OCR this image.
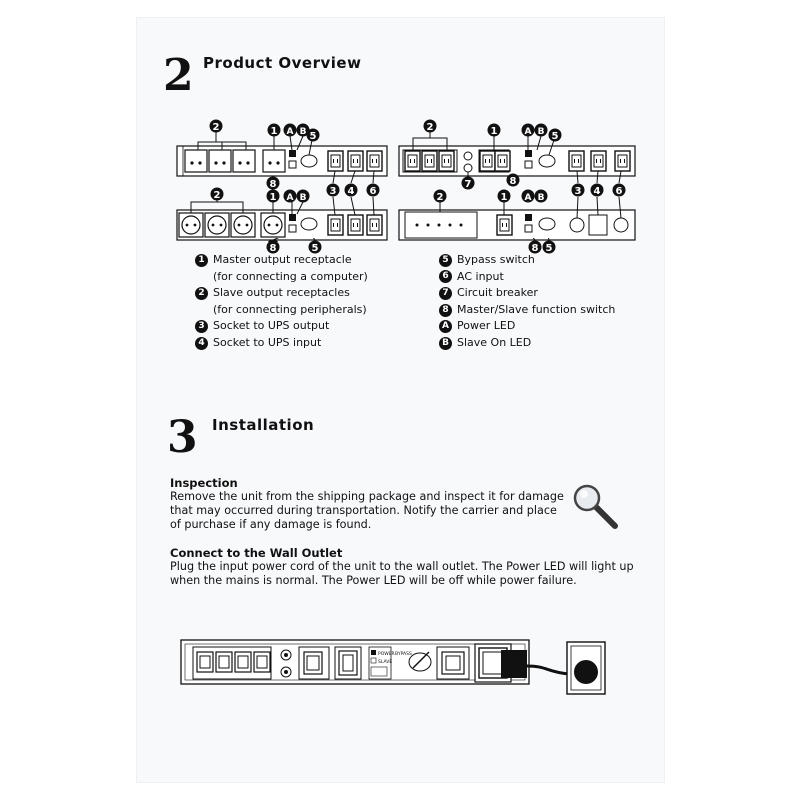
2 Product Overview
2	1 A B 5
8
2	1	A B 5
7	8
3 4 6	3 4 6
2	1 A B	2	1 A B
8	5	8 5
1 Master output receptacle
(for connecting a computer)
2 Slave output receptacles
(for connecting peripherals)
3 Socket to UPS output
4 Socket to UPS input
5 Bypass switch
6 AC input
7 Circuit breaker
8 Master/Slave function switch
A Power LED
B Slave On LED
3 Installation
Inspection
Remove the unit from the shipping package and inspect it for damage
that may occurred during transportation. Notify the carrier and place
of purchase if any damage is found.
Connect to the Wall Outlet
Plug the input power cord of the unit to the wall outlet. The Power LED will light up
when the mains is normal. The Power LED will be off while power failure.
POWER
SLAVE
BYPASS
